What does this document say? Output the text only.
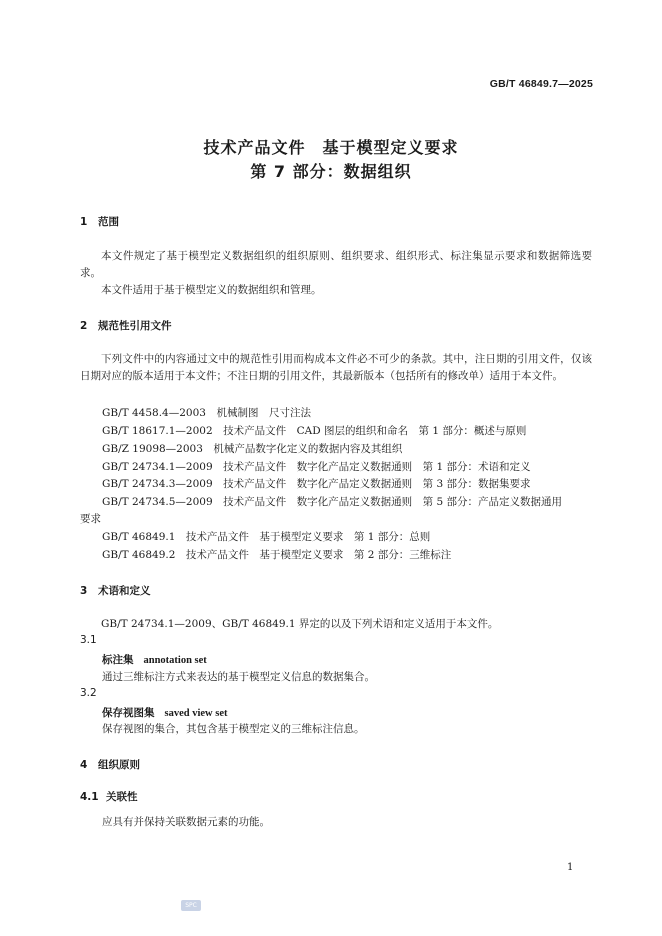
GB/T 46849.7—2025
技术产品文件　基于模型定义要求
第 7 部分：数据组织
1 范围
本文件规定了基于模型定义数据组织的组织原则、组织要求、组织形式、标注集显示要求和数据筛选要求。
本文件适用于基于模型定义的数据组织和管理。
2 规范性引用文件
下列文件中的内容通过文中的规范性引用而构成本文件必不可少的条款。其中，注日期的引用文件，仅该日期对应的版本适用于本文件；不注日期的引用文件，其最新版本（包括所有的修改单）适用于本文件。
GB/T 4458.4—2003　机械制图　尺寸注法
GB/T 18617.1—2002　技术产品文件　CAD 图层的组织和命名　第 1 部分：概述与原则
GB/Z 19098—2003　机械产品数字化定义的数据内容及其组织
GB/T 24734.1—2009　技术产品文件　数字化产品定义数据通则　第 1 部分：术语和定义
GB/T 24734.3—2009　技术产品文件　数字化产品定义数据通则　第 3 部分：数据集要求
GB/T 24734.5—2009　技术产品文件　数字化产品定义数据通则　第 5 部分：产品定义数据通用
要求
GB/T 46849.1　技术产品文件　基于模型定义要求　第 1 部分：总则
GB/T 46849.2　技术产品文件　基于模型定义要求　第 2 部分：三维标注
3 术语和定义
GB/T 24734.1—2009、GB/T 46849.1 界定的以及下列术语和定义适用于本文件。
3.1
标注集 annotation set
通过三维标注方式来表达的基于模型定义信息的数据集合。
3.2
保存视图集 saved view set
保存视图的集合，其包含基于模型定义的三维标注信息。
4 组织原则
4.1 关联性
应具有并保持关联数据元素的功能。
1
SPC
